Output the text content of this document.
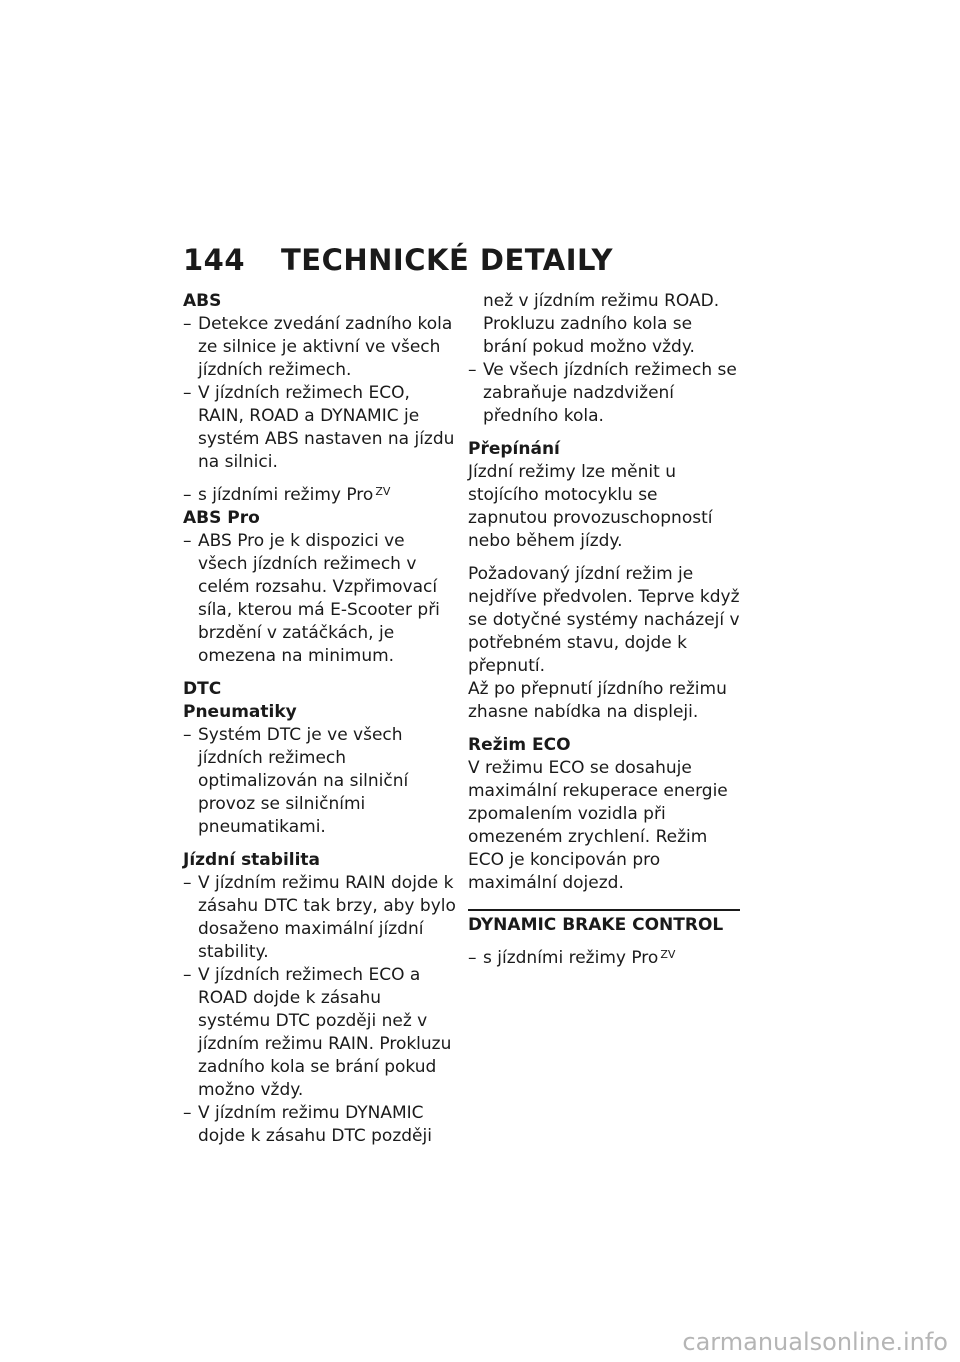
144 TECHNICKÉ DETAILY
ABS
– Detekce zvedání zadního kola ze silnice je aktivní ve všech jízdních režimech.
– V jízdních režimech ECO, RAIN, ROAD a DYNAMIC je systém ABS nastaven na jízdu na silnici.
– s jízdními režimy Pro $^{ZV}$
ABS Pro
– ABS Pro je k dispozici ve všech jízdních režimech v celém rozsahu. Vzpřimovací síla, kterou má E-Scooter při brzdění v zatáčkách, je omezena na minimum.
DTC
Pneumatiky
– Systém DTC je ve všech jízdních režimech optimalizován na silniční provoz se silničními pneumatikami.
Jízdní stabilita
– V jízdním režimu RAIN dojde k zásahu DTC tak brzy, aby bylo dosaženo maximální jízdní stability.
– V jízdních režimech ECO a ROAD dojde k zásahu systému DTC později než v jízdním režimu RAIN. Prokluzu zadního kola se brání pokud možno vždy.
– V jízdním režimu DYNAMIC dojde k zásahu DTC později
než v jízdním režimu ROAD. Prokluzu zadního kola se brání pokud možno vždy.
– Ve všech jízdních režimech se zabraňuje nadzdvižení předního kola.
Přepínání
Jízdní režimy lze měnit u stojícího motocyklu se zapnutou provozuschopností nebo během jízdy.
Požadovaný jízdní režim je nejdříve předvolen. Teprve když se dotyčné systémy nacházejí v potřebném stavu, dojde k přepnutí.
Až po přepnutí jízdního režimu zhasne nabídka na displeji.
Režim ECO
V režimu ECO se dosahuje maximální rekuperace energie zpomalením vozidla při omezeném zrychlení. Režim ECO je koncipován pro maximální dojezd.
DYNAMIC BRAKE CONTROL
– s jízdními režimy Pro $^{ZV}$
carmanualsonline.info
